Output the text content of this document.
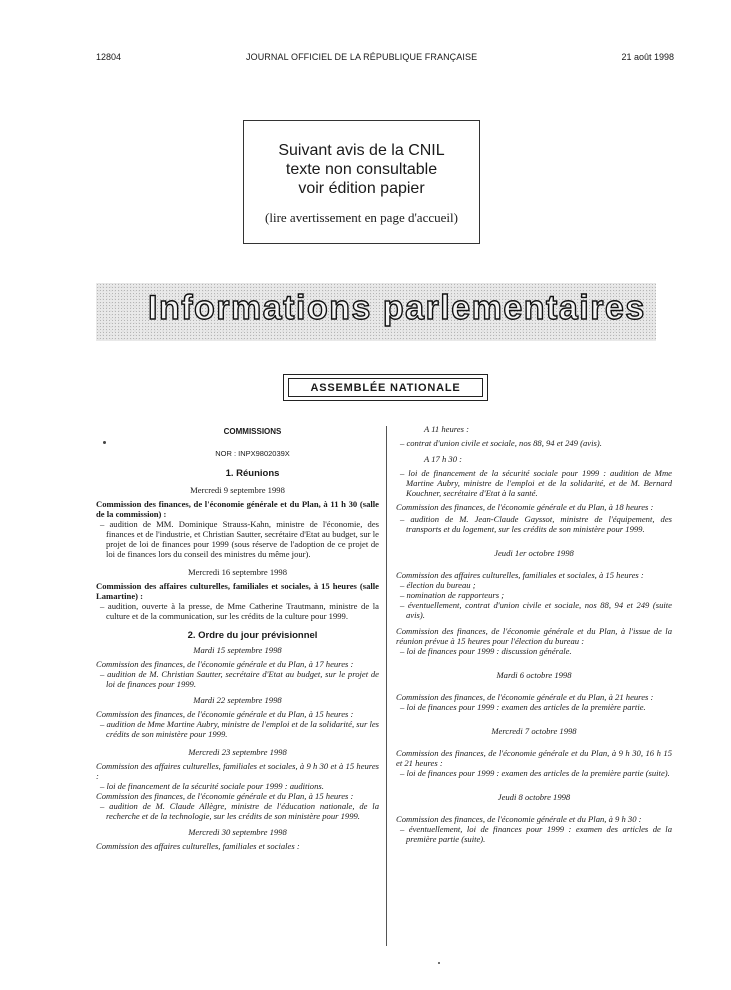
12804	JOURNAL OFFICIEL DE LA RÉPUBLIQUE FRANÇAISE	21 août 1998
Suivant avis de la CNIL
texte non consultable
voir édition papier
(lire avertissement en page d'accueil)
Informations parlementaires
ASSEMBLÉE NATIONALE
COMMISSIONS
NOR : INPX9802039X
1. Réunions
Mercredi 9 septembre 1998
Commission des finances, de l'économie générale et du Plan, à 11 h 30 (salle de la commission) :
– audition de MM. Dominique Strauss-Kahn, ministre de l'économie, des finances et de l'industrie, et Christian Sautter, secrétaire d'Etat au budget, sur le projet de loi de finances pour 1999 (sous réserve de l'adoption de ce projet de loi de finances lors du conseil des ministres du même jour).
Mercredi 16 septembre 1998
Commission des affaires culturelles, familiales et sociales, à 15 heures (salle Lamartine) :
– audition, ouverte à la presse, de Mme Catherine Trautmann, ministre de la culture et de la communication, sur les crédits de la culture pour 1999.
2. Ordre du jour prévisionnel
Mardi 15 septembre 1998
Commission des finances, de l'économie générale et du Plan, à 17 heures :
– audition de M. Christian Sautter, secrétaire d'Etat au budget, sur le projet de loi de finances pour 1999.
Mardi 22 septembre 1998
Commission des finances, de l'économie générale et du Plan, à 15 heures :
– audition de Mme Martine Aubry, ministre de l'emploi et de la solidarité, sur les crédits de son ministère pour 1999.
Mercredi 23 septembre 1998
Commission des affaires culturelles, familiales et sociales, à 9 h 30 et à 15 heures :
– loi de financement de la sécurité sociale pour 1999 : auditions.
Commission des finances, de l'économie générale et du Plan, à 15 heures :
– audition de M. Claude Allègre, ministre de l'éducation nationale, de la recherche et de la technologie, sur les crédits de son ministère pour 1999.
Mercredi 30 septembre 1998
Commission des affaires culturelles, familiales et sociales :
A 11 heures :
– contrat d'union civile et sociale, nos 88, 94 et 249 (avis).
A 17 h 30 :
– loi de financement de la sécurité sociale pour 1999 : audition de Mme Martine Aubry, ministre de l'emploi et de la solidarité, et de M. Bernard Kouchner, secrétaire d'Etat à la santé.
Commission des finances, de l'économie générale et du Plan, à 18 heures :
– audition de M. Jean-Claude Gayssot, ministre de l'équipement, des transports et du logement, sur les crédits de son ministère pour 1999.
Jeudi 1er octobre 1998
Commission des affaires culturelles, familiales et sociales, à 15 heures :
– élection du bureau ;
– nomination de rapporteurs ;
– éventuellement, contrat d'union civile et sociale, nos 88, 94 et 249 (suite avis).
Commission des finances, de l'économie générale et du Plan, à l'issue de la réunion prévue à 15 heures pour l'élection du bureau :
– loi de finances pour 1999 : discussion générale.
Mardi 6 octobre 1998
Commission des finances, de l'économie générale et du Plan, à 21 heures :
– loi de finances pour 1999 : examen des articles de la première partie.
Mercredi 7 octobre 1998
Commission des finances, de l'économie générale et du Plan, à 9 h 30, 16 h 15 et 21 heures :
– loi de finances pour 1999 : examen des articles de la première partie (suite).
Jeudi 8 octobre 1998
Commission des finances, de l'économie générale et du Plan, à 9 h 30 :
– éventuellement, loi de finances pour 1999 : examen des articles de la première partie (suite).
